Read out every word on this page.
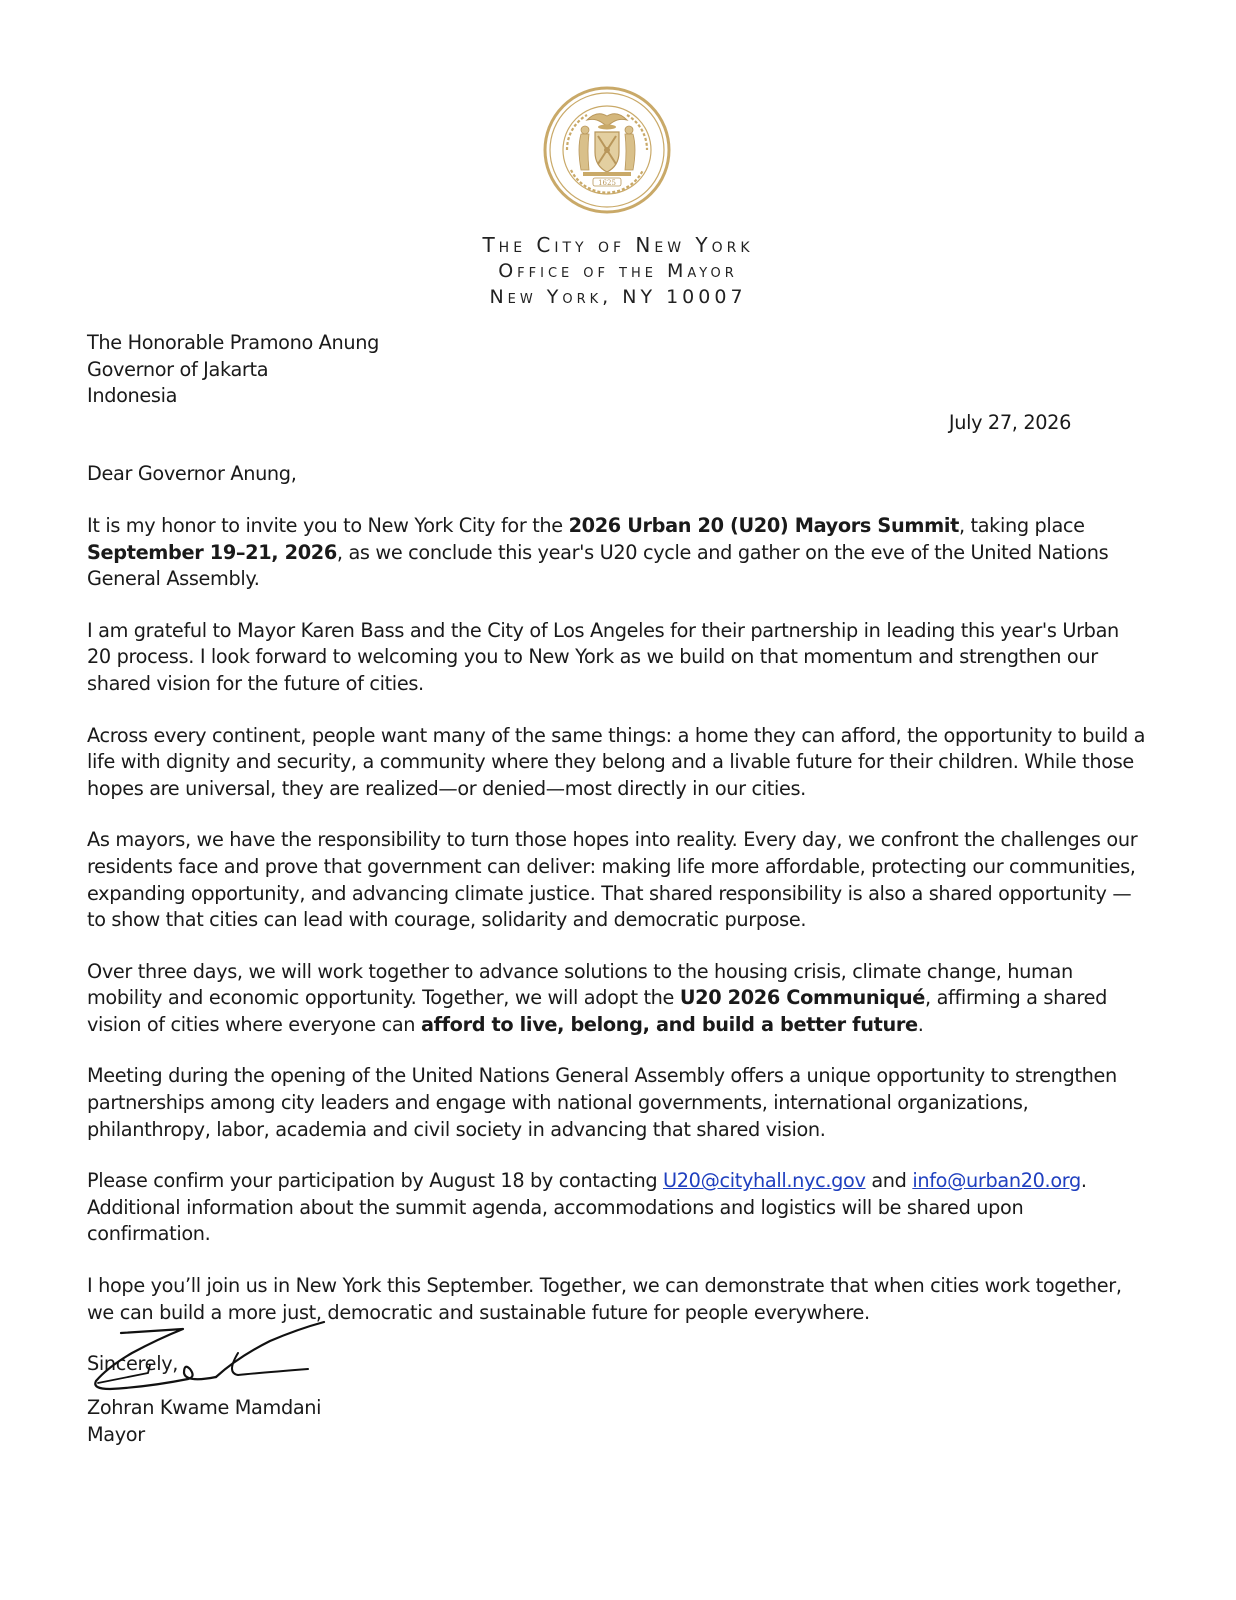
1625
The City of New York
Office of the Mayor
New York, NY 10007
The Honorable Pramono Anung
Governor of Jakarta
Indonesia
July 27, 2026

Dear Governor Anung,

It is my honor to invite you to New York City for the 2026 Urban 20 (U20) Mayors Summit, taking place September 19–21, 2026, as we conclude this year's U20 cycle and gather on the eve of the United Nations General Assembly.

I am grateful to Mayor Karen Bass and the City of Los Angeles for their partnership in leading this year's Urban 20 process. I look forward to welcoming you to New York as we build on that momentum and strengthen our shared vision for the future of cities.

Across every continent, people want many of the same things: a home they can afford, the opportunity to build a life with dignity and security, a community where they belong and a livable future for their children. While those hopes are universal, they are realized—or denied—most directly in our cities.

As mayors, we have the responsibility to turn those hopes into reality. Every day, we confront the challenges our residents face and prove that government can deliver: making life more affordable, protecting our communities, expanding opportunity, and advancing climate justice. That shared responsibility is also a shared opportunity — to show that cities can lead with courage, solidarity and democratic purpose.

Over three days, we will work together to advance solutions to the housing crisis, climate change, human mobility and economic opportunity. Together, we will adopt the U20 2026 Communiqué, affirming a shared vision of cities where everyone can afford to live, belong, and build a better future.

Meeting during the opening of the United Nations General Assembly offers a unique opportunity to strengthen partnerships among city leaders and engage with national governments, international organizations, philanthropy, labor, academia and civil society in advancing that shared vision.

Please confirm your participation by August 18 by contacting U20@cityhall.nyc.gov and info@urban20.org.
Additional information about the summit agenda, accommodations and logistics will be shared upon confirmation.

I hope you’ll join us in New York this September. Together, we can demonstrate that when cities work together, we can build a more just, democratic and sustainable future for people everywhere.

Sincerely,

Zohran Kwame Mamdani
Mayor
